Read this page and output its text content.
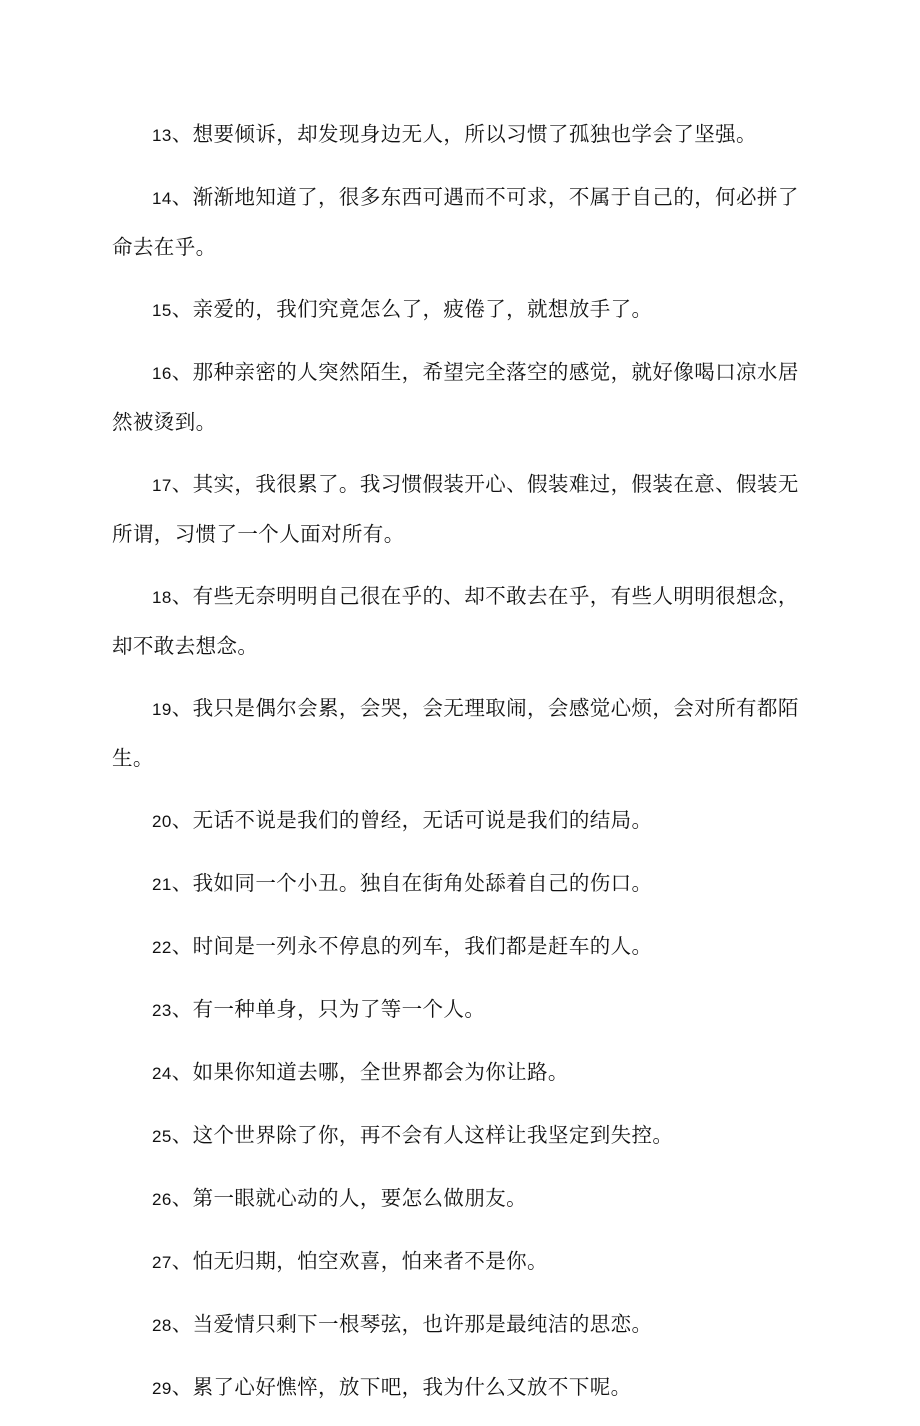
13、想要倾诉，却发现身边无人，所以习惯了孤独也学会了坚强。

14、渐渐地知道了，很多东西可遇而不可求，不属于自己的，何必拼了命去在乎。

15、亲爱的，我们究竟怎么了，疲倦了，就想放手了。

16、那种亲密的人突然陌生，希望完全落空的感觉，就好像喝口凉水居然被烫到。

17、其实，我很累了。我习惯假装开心、假装难过，假装在意、假装无所谓，习惯了一个人面对所有。

18、有些无奈明明自己很在乎的、却不敢去在乎，有些人明明很想念，却不敢去想念。

19、我只是偶尔会累，会哭，会无理取闹，会感觉心烦，会对所有都陌生。

20、无话不说是我们的曾经，无话可说是我们的结局。

21、我如同一个小丑。独自在街角处舔着自己的伤口。

22、时间是一列永不停息的列车，我们都是赶车的人。

23、有一种单身，只为了等一个人。

24、如果你知道去哪，全世界都会为你让路。

25、这个世界除了你，再不会有人这样让我坚定到失控。

26、第一眼就心动的人，要怎么做朋友。

27、怕无归期，怕空欢喜，怕来者不是你。

28、当爱情只剩下一根琴弦，也许那是最纯洁的思恋。

29、累了心好憔悴，放下吧，我为什么又放不下呢。
